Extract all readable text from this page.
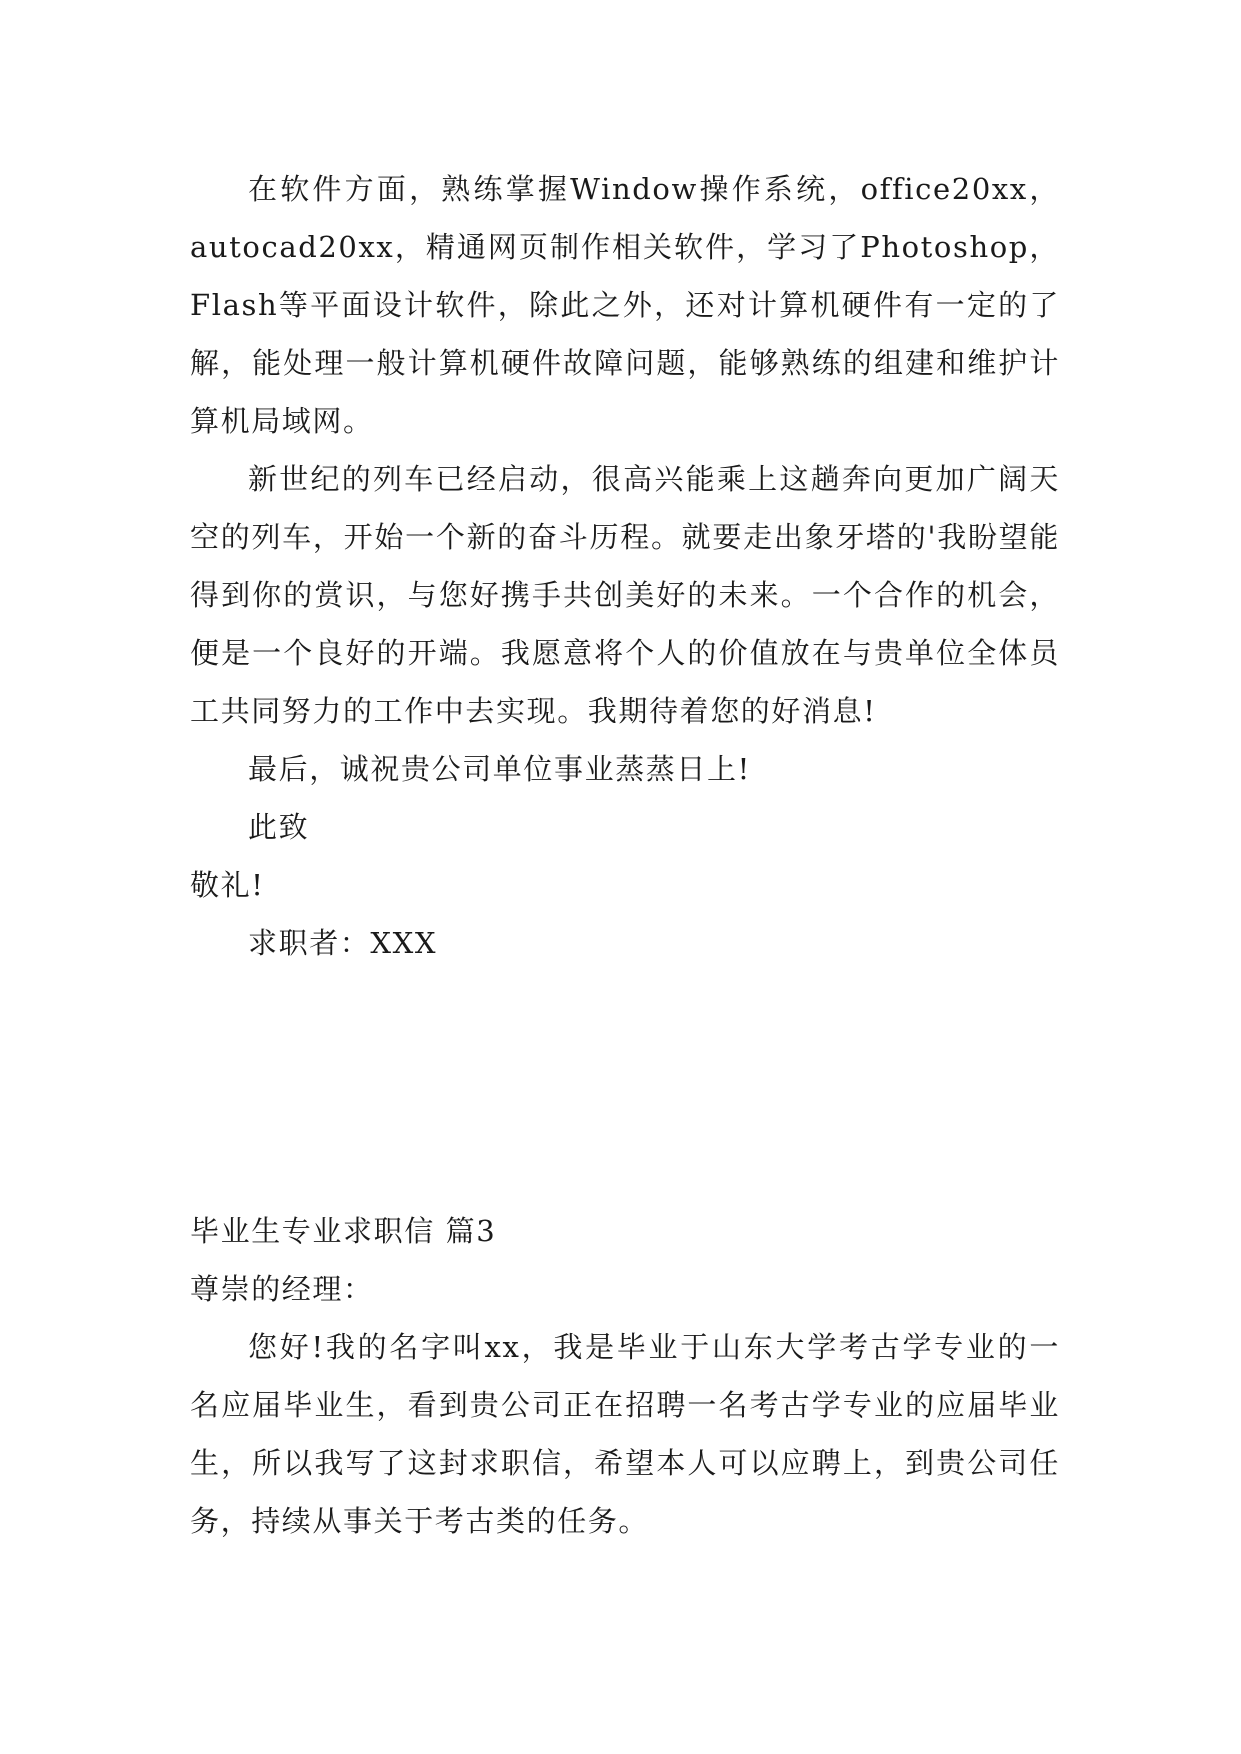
在软件方面，熟练掌握Window操作系统，office20xx，autocad20xx，精通网页制作相关软件，学习了Photoshop，Flash等平面设计软件，除此之外，还对计算机硬件有一定的了解，能处理一般计算机硬件故障问题，能够熟练的组建和维护计算机局域网。

新世纪的列车已经启动，很高兴能乘上这趟奔向更加广阔天空的列车，开始一个新的奋斗历程。就要走出象牙塔的'我盼望能得到你的赏识，与您好携手共创美好的未来。一个合作的机会，便是一个良好的开端。我愿意将个人的价值放在与贵单位全体员工共同努力的工作中去实现。我期待着您的好消息!

最后，诚祝贵公司单位事业蒸蒸日上!

此致

敬礼!

求职者：XXX

毕业生专业求职信 篇3

尊崇的经理：

您好!我的名字叫xx，我是毕业于山东大学考古学专业的一名应届毕业生，看到贵公司正在招聘一名考古学专业的应届毕业生，所以我写了这封求职信，希望本人可以应聘上，到贵公司任务，持续从事关于考古类的任务。
